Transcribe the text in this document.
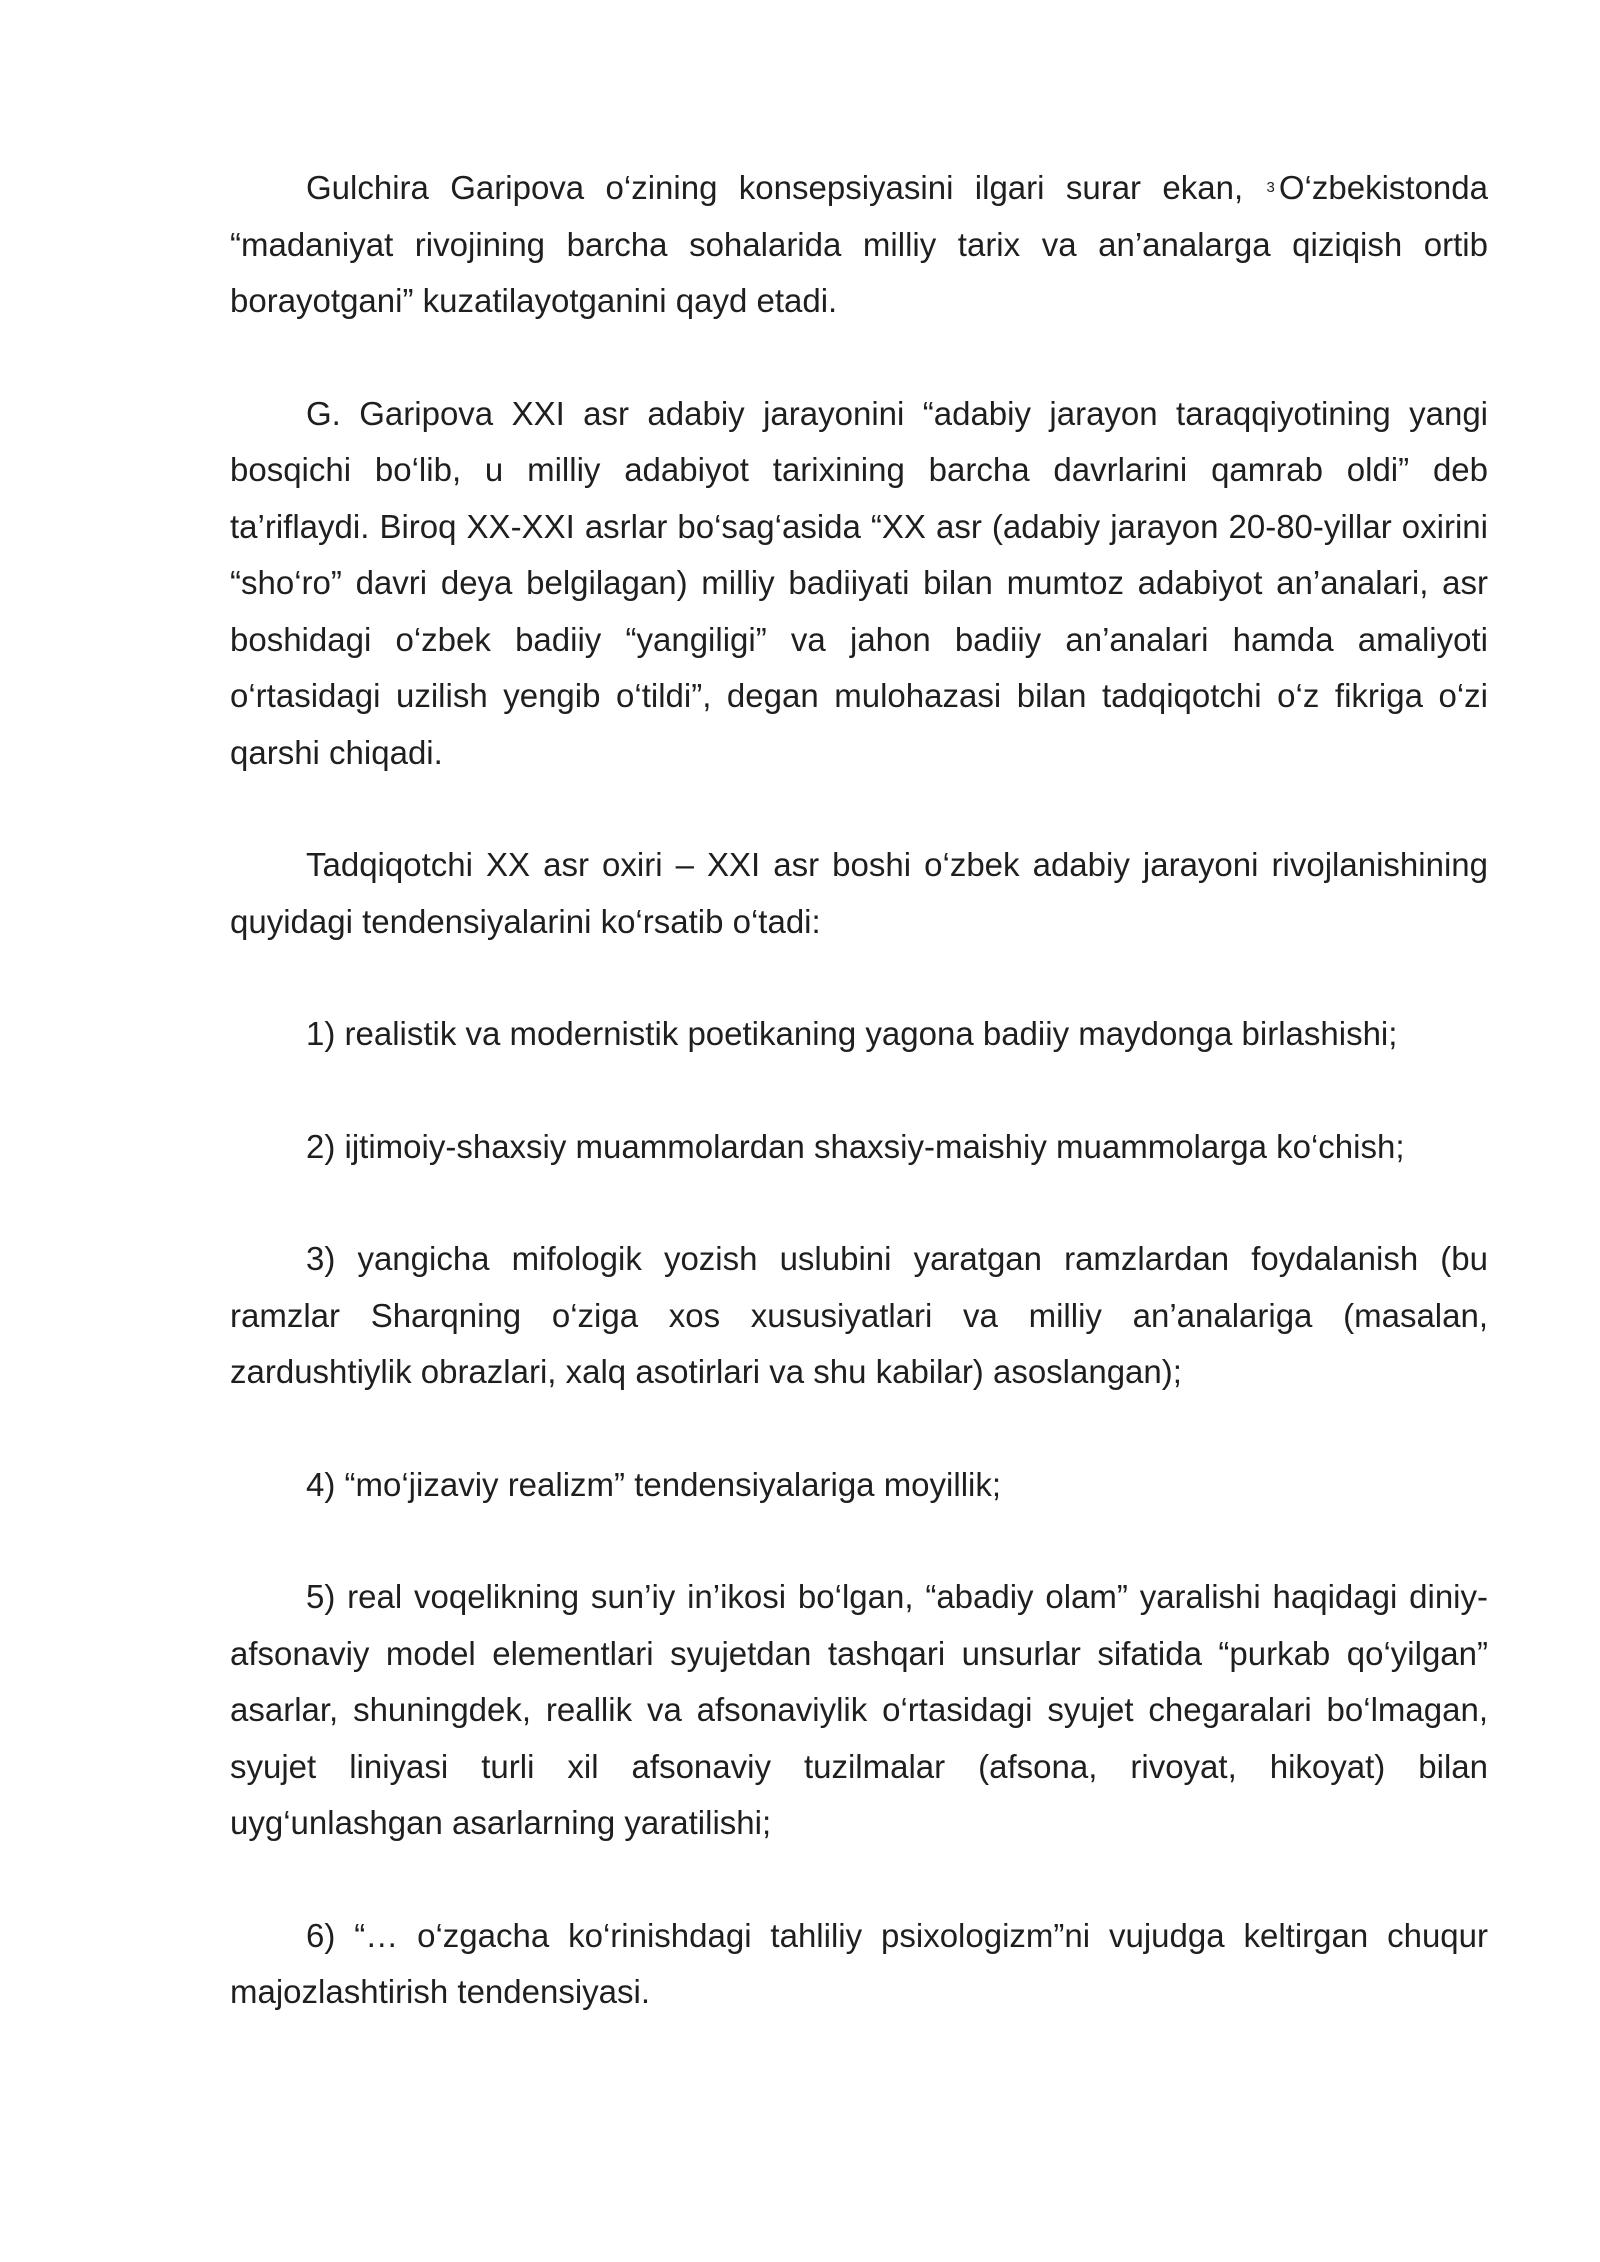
Gulchira Garipova o‘zining konsepsiyasini ilgari surar ekan, $^3$ O‘zbekistonda “madaniyat rivojining barcha sohalarida milliy tarix va an’analarga qiziqish ortib borayotgani” kuzatilayotganini qayd etadi.

G. Garipova XXI asr adabiy jarayonini “adabiy jarayon taraqqiyotining yangi bosqichi bo‘lib, u milliy adabiyot tarixining barcha davrlarini qamrab oldi” deb ta’riflaydi. Biroq XX-XXI asrlar bo‘sag‘asida “XX asr (adabiy jarayon 20-80-yillar oxirini “sho‘ro” davri deya belgilagan) milliy badiiyati bilan mumtoz adabiyot an’analari, asr boshidagi o‘zbek badiiy “yangiligi” va jahon badiiy an’analari hamda amaliyoti o‘rtasidagi uzilish yengib o‘tildi”, degan mulohazasi bilan tadqiqotchi o‘z fikriga o‘zi qarshi chiqadi.

Tadqiqotchi XX asr oxiri – XXI asr boshi o‘zbek adabiy jarayoni rivojlanishining quyidagi tendensiyalarini ko‘rsatib o‘tadi:

1) realistik va modernistik poetikaning yagona badiiy maydonga birlashishi;

2) ijtimoiy-shaxsiy muammolardan shaxsiy-maishiy muammolarga ko‘chish;

3) yangicha mifologik yozish uslubini yaratgan ramzlardan foydalanish (bu ramzlar Sharqning o‘ziga xos xususiyatlari va milliy an’analariga (masalan, zardushtiylik obrazlari, xalq asotirlari va shu kabilar) asoslangan);

4) “mo‘jizaviy realizm” tendensiyalariga moyillik;

5) real voqelikning sun’iy in’ikosi bo‘lgan, “abadiy olam” yaralishi haqidagi diniy-afsonaviy model elementlari syujetdan tashqari unsurlar sifatida “purkab qo‘yilgan” asarlar, shuningdek, reallik va afsonaviylik o‘rtasidagi syujet chegaralari bo‘lmagan, syujet liniyasi turli xil afsonaviy tuzilmalar (afsona, rivoyat, hikoyat) bilan uyg‘unlashgan asarlarning yaratilishi;

6) “… o‘zgacha ko‘rinishdagi tahliliy psixologizm”ni vujudga keltirgan chuqur majozlashtirish tendensiyasi.
